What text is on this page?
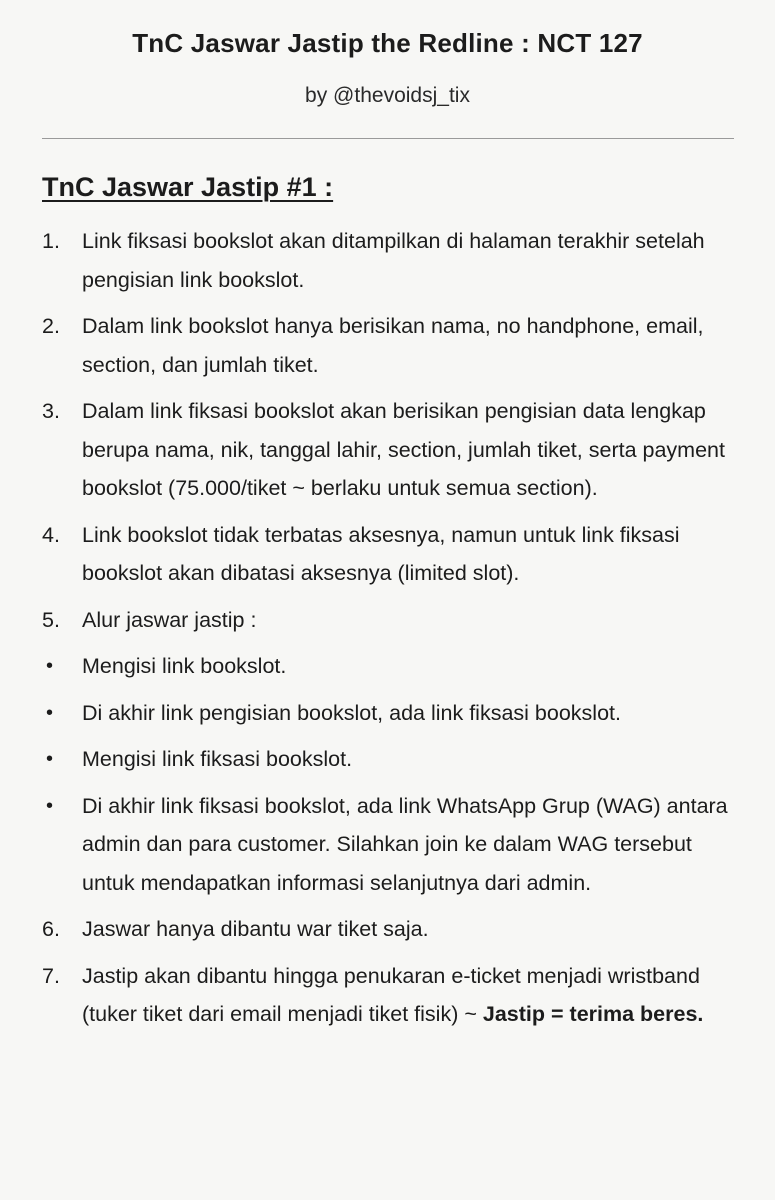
TnC Jaswar Jastip the Redline : NCT 127
by @thevoidsj_tix
TnC Jaswar Jastip #1 :
1.	Link fiksasi bookslot akan ditampilkan di halaman terakhir setelah pengisian link bookslot.
2.	Dalam link bookslot hanya berisikan nama, no handphone, email, section, dan jumlah tiket.
3.	Dalam link fiksasi bookslot akan berisikan pengisian data lengkap berupa nama, nik, tanggal lahir, section, jumlah tiket, serta payment bookslot (75.000/tiket ~ berlaku untuk semua section).
4.	Link bookslot tidak terbatas aksesnya, namun untuk link fiksasi bookslot akan dibatasi aksesnya (limited slot).
5.	Alur jaswar jastip :
•	Mengisi link bookslot.
•	Di akhir link pengisian bookslot, ada link fiksasi bookslot.
•	Mengisi link fiksasi bookslot.
•	Di akhir link fiksasi bookslot, ada link WhatsApp Grup (WAG) antara admin dan para customer. Silahkan join ke dalam WAG tersebut untuk mendapatkan informasi selanjutnya dari admin.
6.	Jaswar hanya dibantu war tiket saja.
7.	Jastip akan dibantu hingga penukaran e-ticket menjadi wristband (tuker tiket dari email menjadi tiket fisik) ~ Jastip = terima beres.
